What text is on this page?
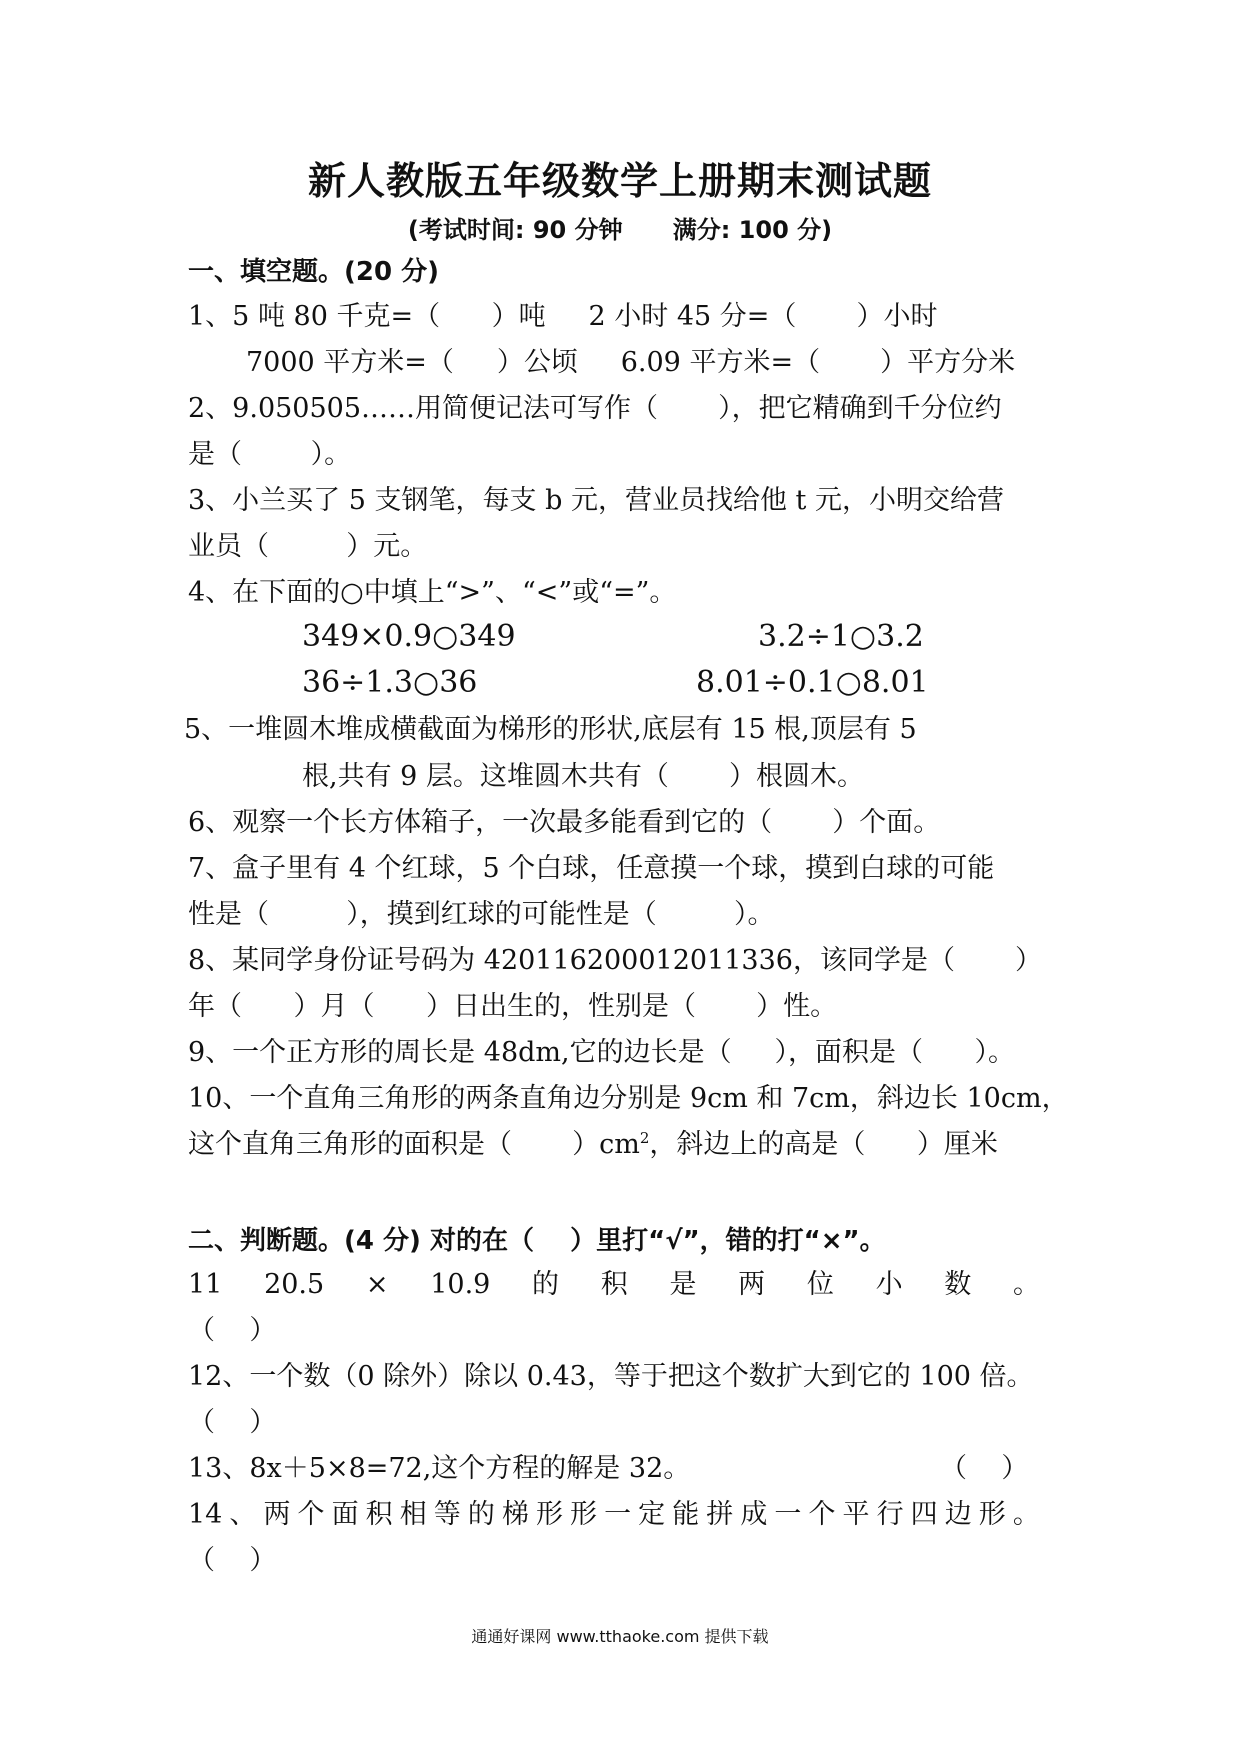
新人教版五年级数学上册期末测试题
(考试时间: 90 分钟      满分: 100 分)
一、填空题。(20 分)
1、5 吨 80 千克=（      ）吨     2 小时 45 分=（       ）小时
7000 平方米=（     ）公顷     6.09 平方米=（       ）平方分米
2、9.050505……用简便记法可写作（       ），把它精确到千分位约
是（        ）。
3、小兰买了 5 支钢笔，每支 b 元，营业员找给他 t 元，小明交给营
业员（         ）元。
4、在下面的○中填上“>”、“<”或“=”。
349×0.9○349	3.2÷1○3.2
36÷1.3○36	8.01÷0.1○8.01
5、一堆圆木堆成横截面为梯形的形状,底层有 15 根,顶层有 5
根,共有 9 层。这堆圆木共有（       ）根圆木。
6、观察一个长方体箱子，一次最多能看到它的（       ）个面。
7、盒子里有 4 个红球，5 个白球，任意摸一个球，摸到白球的可能
性是（         ），摸到红球的可能性是（         ）。
8、某同学身份证号码为 420116200012011336，该同学是（       ）
年（      ）月（      ）日出生的，性别是（       ）性。
9、一个正方形的周长是 48dm,它的边长是（     ），面积是（      ）。
10、一个直角三角形的两条直角边分别是 9cm 和 7cm，斜边长 10cm，
这个直角三角形的面积是（       ）$cm^2$，斜边上的高是（      ）厘米
二、判断题。(4 分) 对的在（    ）里打“√”，错的打“×”。
11 20.5 × 10.9 的 积 是 两 位 小 数 。
（    ）
12、一个数（0 除外）除以 0.43，等于把这个数扩大到它的 100 倍。
（    ）
13、8x＋5×8=72,这个方程的解是 32。	（    ）
14 、 两 个 面 积 相 等 的 梯 形 形 一 定 能 拼 成 一 个 平 行 四 边 形 。
（    ）
通通好课网 www.tthaoke.com 提供下载
